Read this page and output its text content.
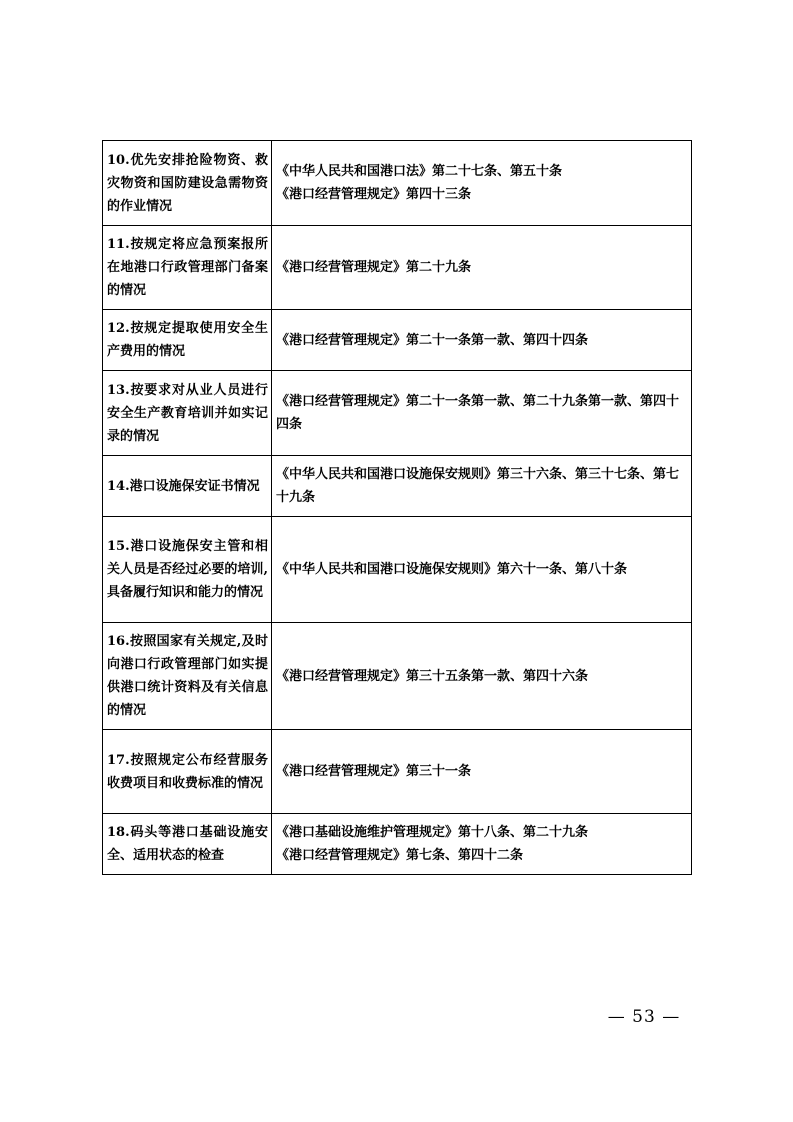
10.优先安排抢险物资、救灾物资和国防建设急需物资的作业情况	《中华人民共和国港口法》第二十七条、第五十条
《港口经营管理规定》第四十三条

11.按规定将应急预案报所在地港口行政管理部门备案的情况	《港口经营管理规定》第二十九条

12.按规定提取使用安全生产费用的情况	《港口经营管理规定》第二十一条第一款、第四十四条

13.按要求对从业人员进行安全生产教育培训并如实记录的情况	《港口经营管理规定》第二十一条第一款、第二十九条第一款、第四十四条

14.港口设施保安证书情况	《中华人民共和国港口设施保安规则》第三十六条、第三十七条、第七十九条

15.港口设施保安主管和相关人员是否经过必要的培训,具备履行知识和能力的情况	《中华人民共和国港口设施保安规则》第六十一条、第八十条

16.按照国家有关规定,及时向港口行政管理部门如实提供港口统计资料及有关信息的情况	《港口经营管理规定》第三十五条第一款、第四十六条

17.按照规定公布经营服务收费项目和收费标准的情况	《港口经营管理规定》第三十一条

18.码头等港口基础设施安全、适用状态的检查	《港口基础设施维护管理规定》第十八条、第二十九条
《港口经营管理规定》第七条、第四十二条
— 53 —
